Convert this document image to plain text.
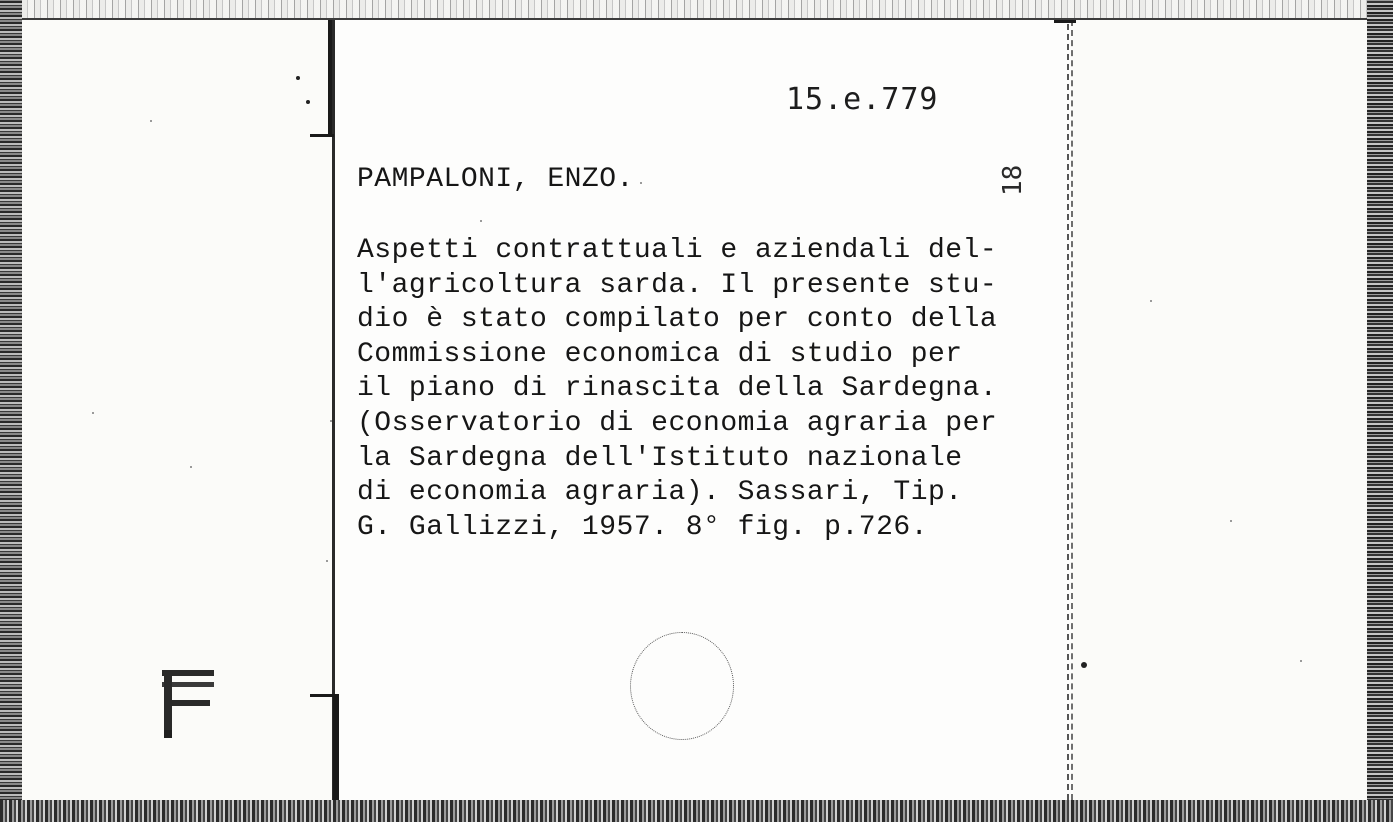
15.e.779
PAMPALONI, ENZO.
Aspetti contrattuali e aziendali del-
l'agricoltura sarda. Il presente stu-
dio è stato compilato per conto della
Commissione economica di studio per
il piano di rinascita della Sardegna.
(Osservatorio di economia agraria per
la Sardegna dell'Istituto nazionale
di economia agraria). Sassari, Tip.
G. Gallizzi, 1957. 8° fig. p.726.
18
